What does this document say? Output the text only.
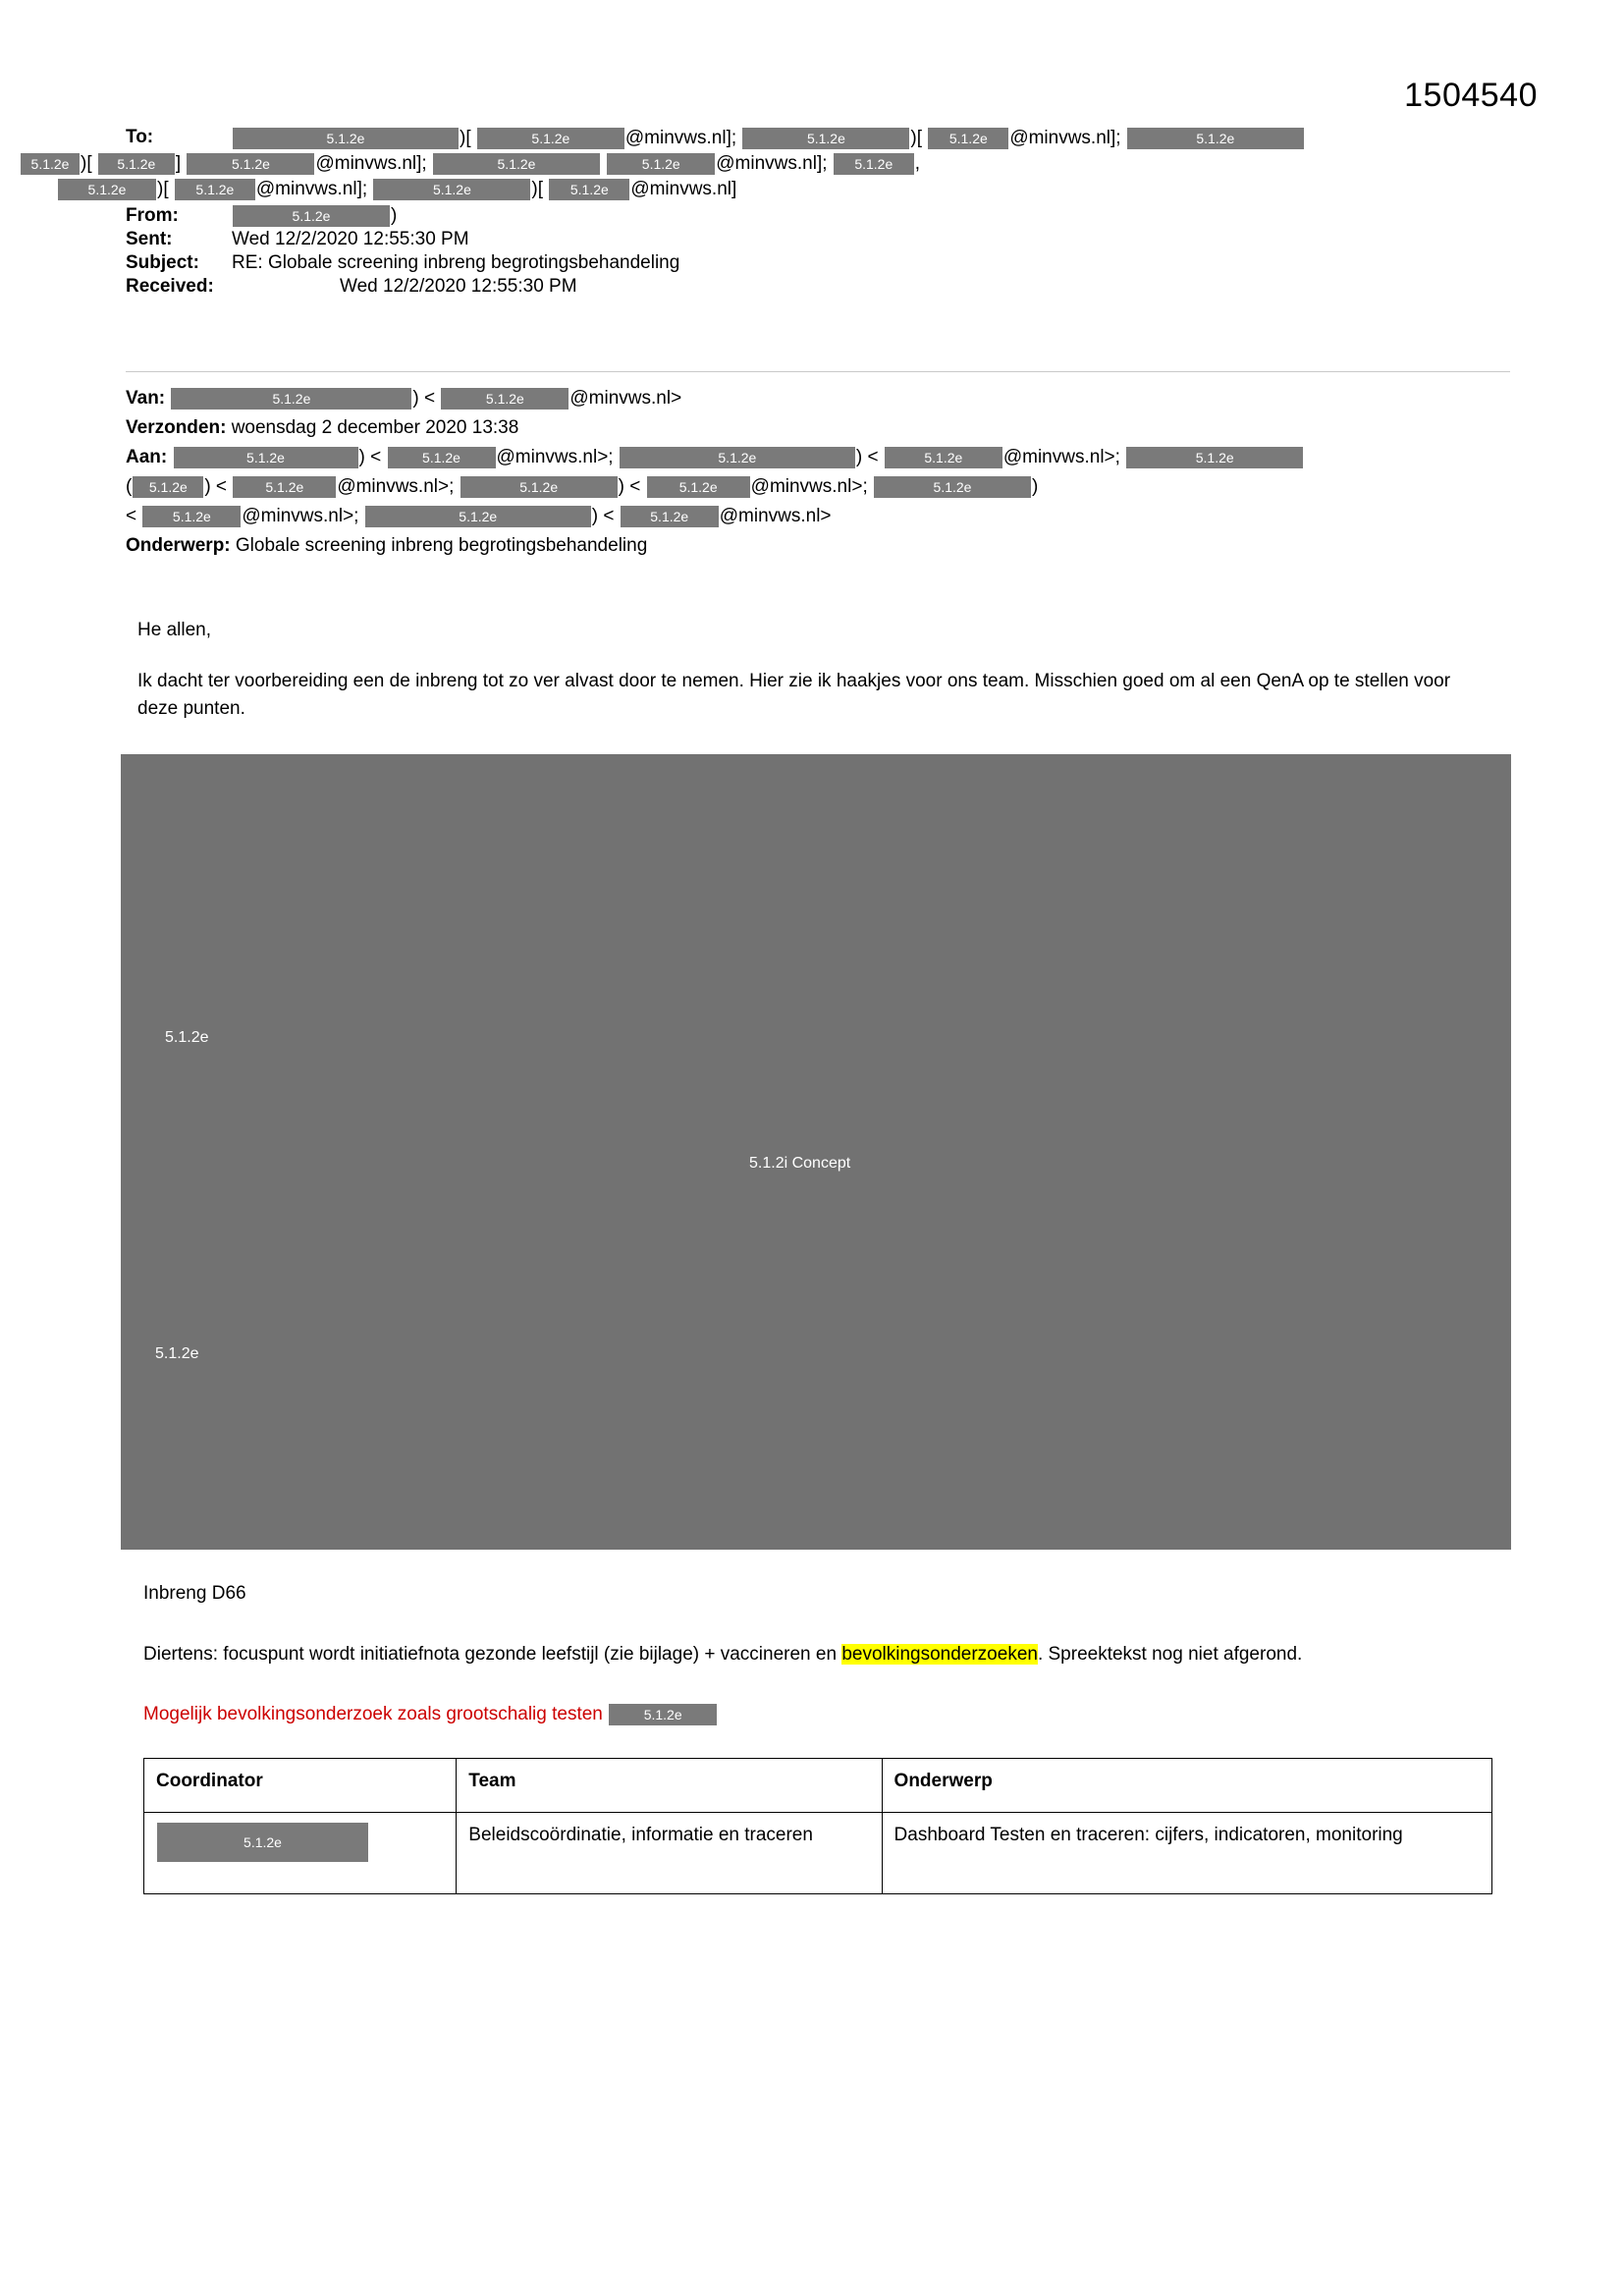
1504540
To:	5.1.2e	)[	5.1.2e	@minvws.nl];	5.1.2e	)[ 5.1.2e @minvws.nl];	5.1.2e
5.1.2e )[ 5.1.2e ]	5.1.2e @minvws.nl];	5.1.2e	5.1.2e @minvws.nl]; 5.1.2e ,
5.1.2e )[ 5.1.2e @minvws.nl];	5.1.2e	)[ 5.1.2e @minvws.nl]
From:	5.1.2e	)
Sent:	Wed 12/2/2020 12:55:30 PM
Subject:	RE: Globale screening inbreng begrotingsbehandeling
Received:	Wed 12/2/2020 12:55:30 PM
Van:	5.1.2e	) <	5.1.2e @minvws.nl>
Verzonden: woensdag 2 december 2020 13:38
Aan:	5.1.2e	) <	5.1.2e @minvws.nl>;	5.1.2e	) <	5.1.2e @minvws.nl>;	5.1.2e
( 5.1.2e ) <	5.1.2e @minvws.nl>;	5.1.2e	) <	5.1.2e @minvws.nl>;	5.1.2e	)
<	5.1.2e @minvws.nl>;	5.1.2e	) <	5.1.2e @minvws.nl>
Onderwerp: Globale screening inbreng begrotingsbehandeling
He allen,
Ik dacht ter voorbereiding een de inbreng tot zo ver alvast door te nemen. Hier zie ik haakjes voor ons team. Misschien goed om al een QenA op te stellen voor deze punten.
5.1.2e
5.1.2i Concept
5.1.2e
Inbreng D66
Diertens: focuspunt wordt initiatiefnota gezonde leefstijl (zie bijlage) + vaccineren en bevolkingsonderzoeken. Spreektekst nog niet afgerond.
Mogelijk bevolkingsonderzoek zoals grootschalig testen	5.1.2e
Coordinator	Team	Onderwerp
5.1.2e	Beleidscoördinatie, informatie en traceren	Dashboard Testen en traceren: cijfers, indicatoren, monitoring
